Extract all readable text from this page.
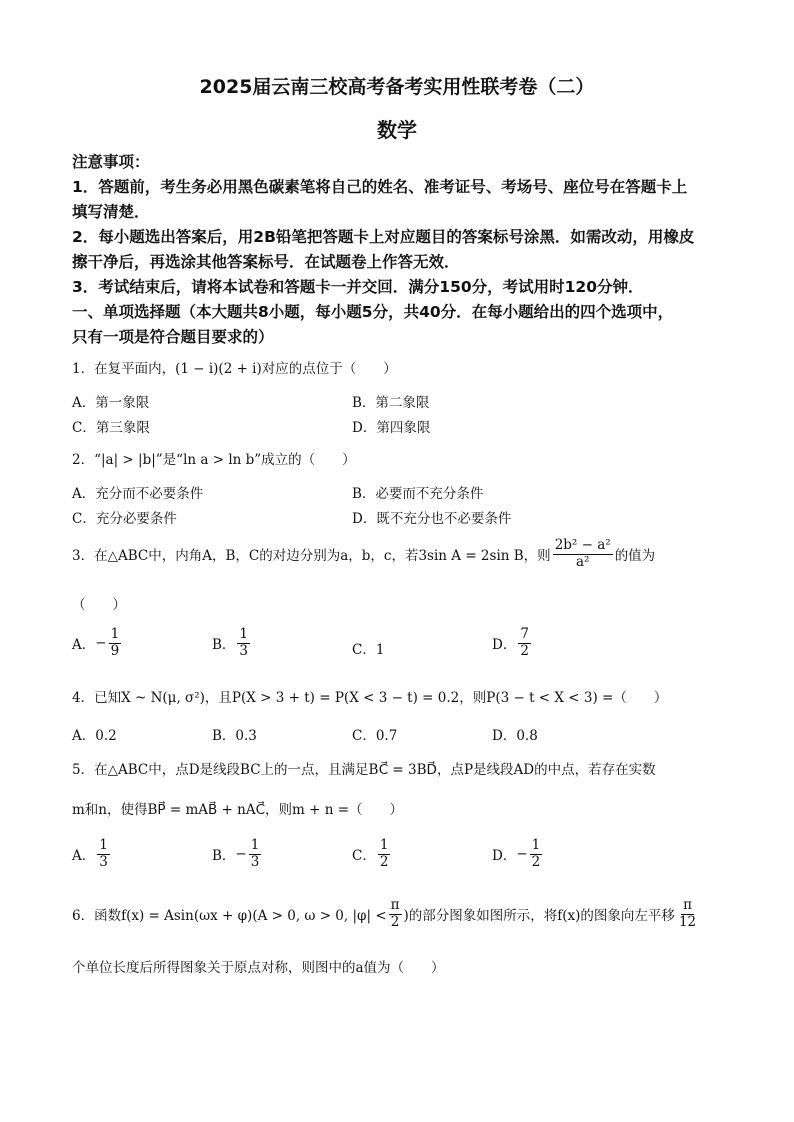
2025届云南三校高考备考实用性联考卷（二）
数学
注意事项：
1．答题前，考生务必用黑色碳素笔将自己的姓名、准考证号、考场号、座位号在答题卡上
填写清楚．
2．每小题选出答案后，用2B铅笔把答题卡上对应题目的答案标号涂黑．如需改动，用橡皮
擦干净后，再选涂其他答案标号．在试题卷上作答无效．
3．考试结束后，请将本试卷和答题卡一并交回．满分150分，考试用时120分钟．
一、单项选择题（本大题共8小题，每小题5分，共40分．在每小题给出的四个选项中，
只有一项是符合题目要求的）
1．在复平面内，(1 − i)(2 + i)对应的点位于（　　）
A．第一象限	B．第二象限
C．第三象限	D．第四象限
2．“|a| > |b|”是“ln a > ln b”成立的（　　）
A．充分而不必要条件	B．必要而不充分条件
C．充分必要条件	D．既不充分也不必要条件
3．在△ABC中，内角A，B，C的对边分别为a，b，c，若3sin A = 2sin B，则 $\frac{\text{2b² − a²}}{\text{a²}}$ 的值为
（　　）
A． − $\frac{1}{9}$	B． $\frac{1}{3}$	C．1	D． $\frac{7}{2}$
4．已知X ~ N(μ, σ²)，且P(X > 3 + t) = P(X < 3 − t) = 0.2，则P(3 − t < X < 3) =（　　）
A．0.2	B．0.3	C．0.7	D．0.8
5．在△ABC中，点D是线段BC上的一点，且满足BC⃗ = 3BD⃗，点P是线段AD的中点，若存在实数
m和n，使得BP⃗ = mAB⃗ + nAC⃗，则m + n =（　　）
A． $\frac{1}{3}$	B． − $\frac{1}{3}$	C． $\frac{1}{2}$	D． − $\frac{1}{2}$
6．函数f(x) = Asin(ωx + φ)(A > 0, ω > 0, $|\varphi| < \frac{\pi}{2}$ )的部分图象如图所示，将f(x)的图象向左平移 $\frac{\pi}{12}$
个单位长度后所得图象关于原点对称，则图中的a值为（　　）
